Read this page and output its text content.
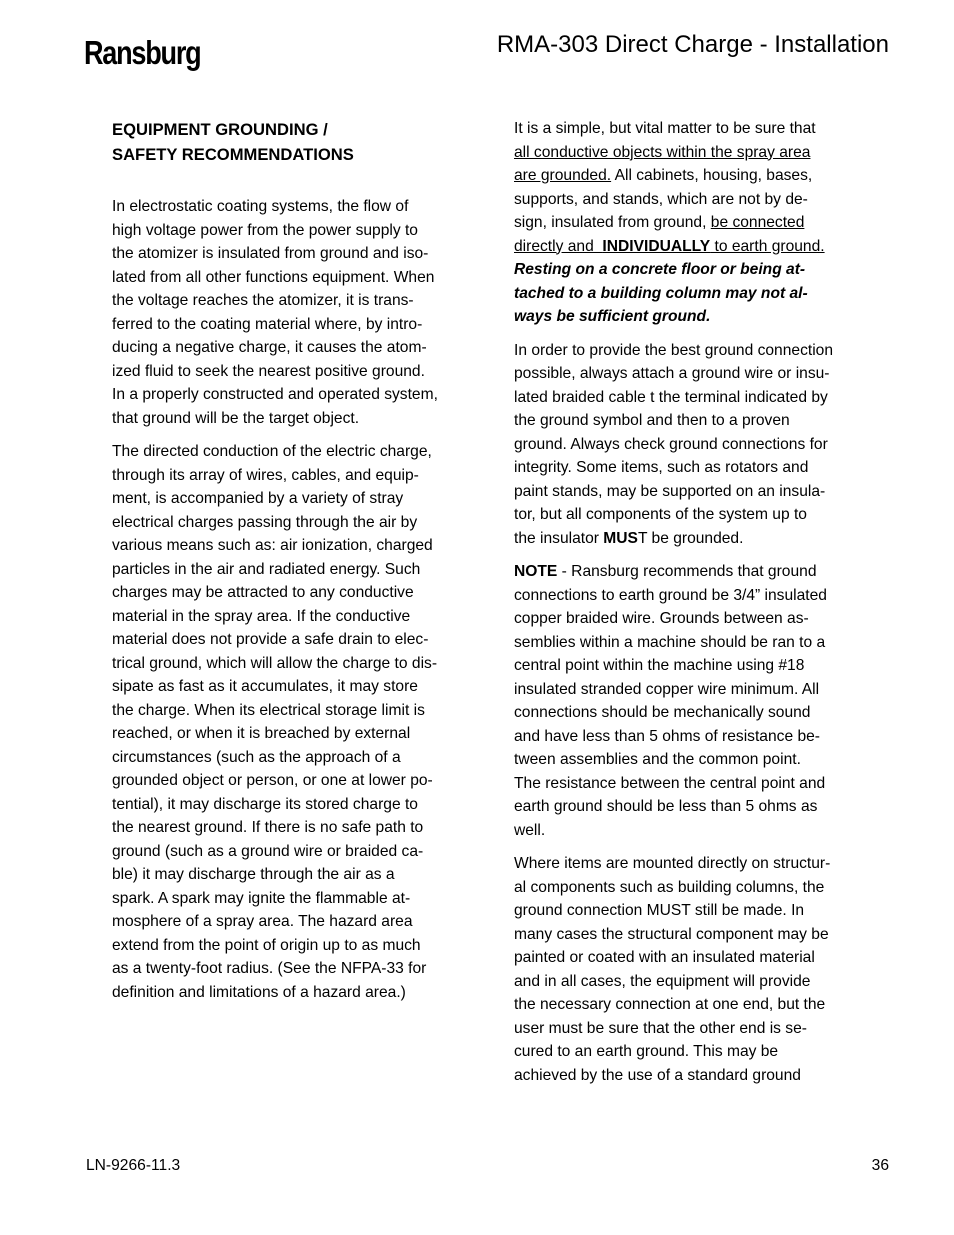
Ransburg	RMA-303 Direct Charge - Installation
EQUIPMENT GROUNDING /
SAFETY RECOMMENDATIONS

In electrostatic coating systems, the flow of
high voltage power from the power supply to
the atomizer is insulated from ground and iso-
lated from all other functions equipment. When
the voltage reaches the atomizer, it is trans-
ferred to the coating material where, by intro-
ducing a negative charge, it causes the atom-
ized fluid to seek the nearest positive ground.
In a properly constructed and operated system,
that ground will be the target object.

The directed conduction of the electric charge,
through its array of wires, cables, and equip-
ment, is accompanied by a variety of stray
electrical charges passing through the air by
various means such as: air ionization, charged
particles in the air and radiated energy. Such
charges may be attracted to any conductive
material in the spray area. If the conductive
material does not provide a safe drain to elec-
trical ground, which will allow the charge to dis-
sipate as fast as it accumulates, it may store
the charge. When its electrical storage limit is
reached, or when it is breached by external
circumstances (such as the approach of a
grounded object or person, or one at lower po-
tential), it may discharge its stored charge to
the nearest ground. If there is no safe path to
ground (such as a ground wire or braided ca-
ble) it may discharge through the air as a
spark. A spark may ignite the flammable at-
mosphere of a spray area. The hazard area
extend from the point of origin up to as much
as a twenty-foot radius. (See the NFPA-33 for
definition and limitations of a hazard area.)

It is a simple, but vital matter to be sure that
all conductive objects within the spray area
are grounded. All cabinets, housing, bases,
supports, and stands, which are not by de-
sign, insulated from ground, be connected
directly and  INDIVIDUALLY to earth ground.
Resting on a concrete floor or being at-
tached to a building column may not al-
ways be sufficient ground.

In order to provide the best ground connection
possible, always attach a ground wire or insu-
lated braided cable t the terminal indicated by
the ground symbol and then to a proven
ground. Always check ground connections for
integrity. Some items, such as rotators and
paint stands, may be supported on an insula-
tor, but all components of the system up to
the insulator MUST be grounded.

NOTE - Ransburg recommends that ground
connections to earth ground be 3/4” insulated
copper braided wire. Grounds between as-
semblies within a machine should be ran to a
central point within the machine using #18
insulated stranded copper wire minimum. All
connections should be mechanically sound
and have less than 5 ohms of resistance be-
tween assemblies and the common point.
The resistance between the central point and
earth ground should be less than 5 ohms as
well.

Where items are mounted directly on structur-
al components such as building columns, the
ground connection MUST still be made. In
many cases the structural component may be
painted or coated with an insulated material
and in all cases, the equipment will provide
the necessary connection at one end, but the
user must be sure that the other end is se-
cured to an earth ground. This may be
achieved by the use of a standard ground

LN-9266-11.3	36
